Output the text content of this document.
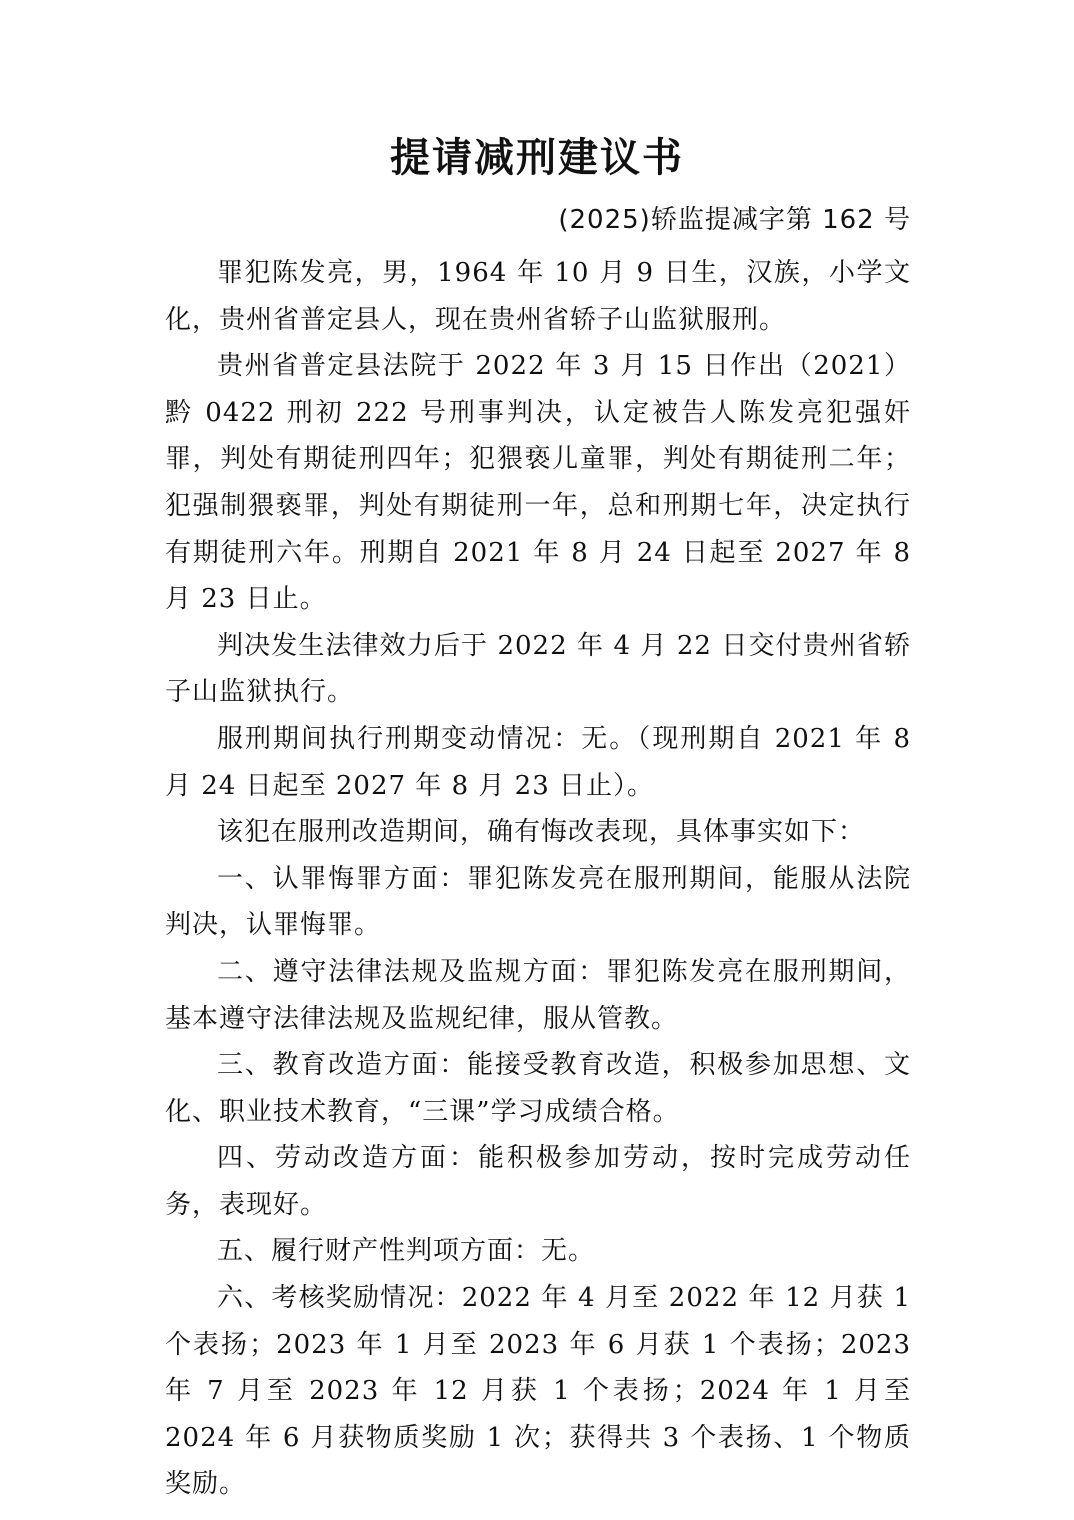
提请减刑建议书
(2025)轿监提减字第 162 号

罪犯陈发亮，男，1964 年 10 月 9 日生，汉族，小学文化，贵州省普定县人，现在贵州省轿子山监狱服刑。

贵州省普定县法院于 2022 年 3 月 15 日作出（2021）黔 0422 刑初 222 号刑事判决，认定被告人陈发亮犯强奸罪，判处有期徒刑四年；犯猥亵儿童罪，判处有期徒刑二年；犯强制猥亵罪，判处有期徒刑一年，总和刑期七年，决定执行有期徒刑六年。刑期自 2021 年 8 月 24 日起至 2027 年 8 月 23 日止。

判决发生法律效力后于 2022 年 4 月 22 日交付贵州省轿子山监狱执行。

服刑期间执行刑期变动情况：无。（现刑期自 2021 年 8 月 24 日起至 2027 年 8 月 23 日止）。

该犯在服刑改造期间，确有悔改表现，具体事实如下：

一、认罪悔罪方面：罪犯陈发亮在服刑期间，能服从法院判决，认罪悔罪。

二、遵守法律法规及监规方面：罪犯陈发亮在服刑期间，基本遵守法律法规及监规纪律，服从管教。

三、教育改造方面：能接受教育改造，积极参加思想、文化、职业技术教育，“三课”学习成绩合格。

四、劳动改造方面：能积极参加劳动，按时完成劳动任务，表现好。

五、履行财产性判项方面：无。

六、考核奖励情况：2022 年 4 月至 2022 年 12 月获 1 个表扬；2023 年 1 月至 2023 年 6 月获 1 个表扬；2023 年 7 月至 2023 年 12 月获 1 个表扬；2024 年 1 月至 2024 年 6 月获物质奖励 1 次；获得共 3 个表扬、1 个物质奖励。
